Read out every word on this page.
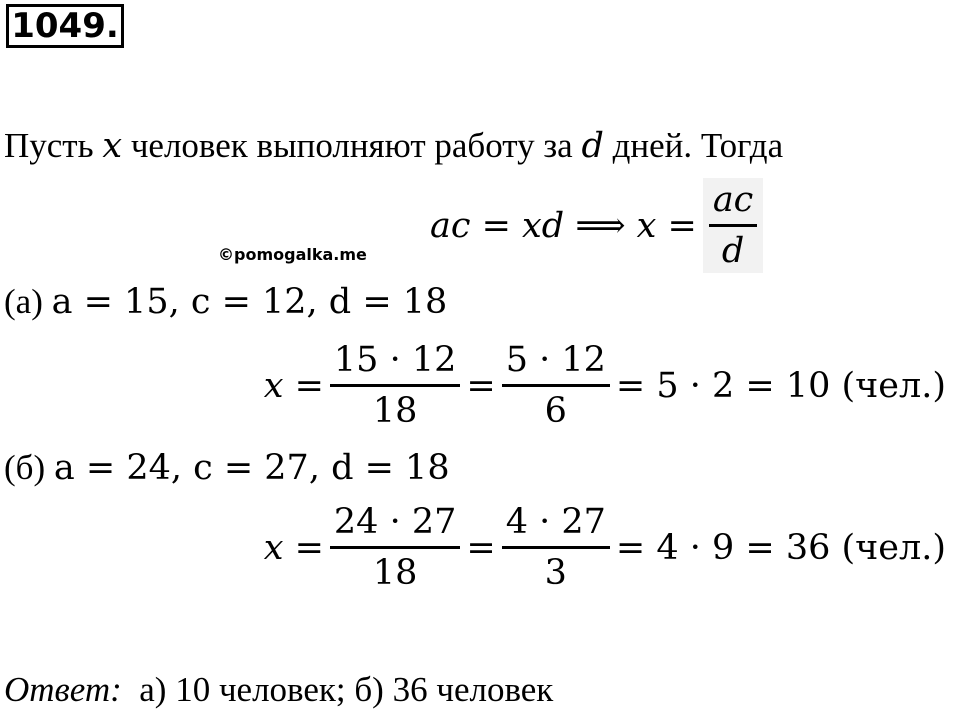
1049.
Пусть x человек выполняют работу за d дней. Тогда
ac = xd ⟹ $x = \frac{ac}{d}$
©pomogalka.me
(а) a = 15, c = 12, d = 18
$x = \frac{15 \cdot 12}{18} = \frac{5 \cdot 12}{6} = 5 \cdot 2 = 10$ (чел.)
(б) a = 24, c = 27, d = 18
$x = \frac{24 \cdot 27}{18} = \frac{4 \cdot 27}{3} = 4 \cdot 9 = 36$ (чел.)
Ответ:  а) 10 человек; б) 36 человек
